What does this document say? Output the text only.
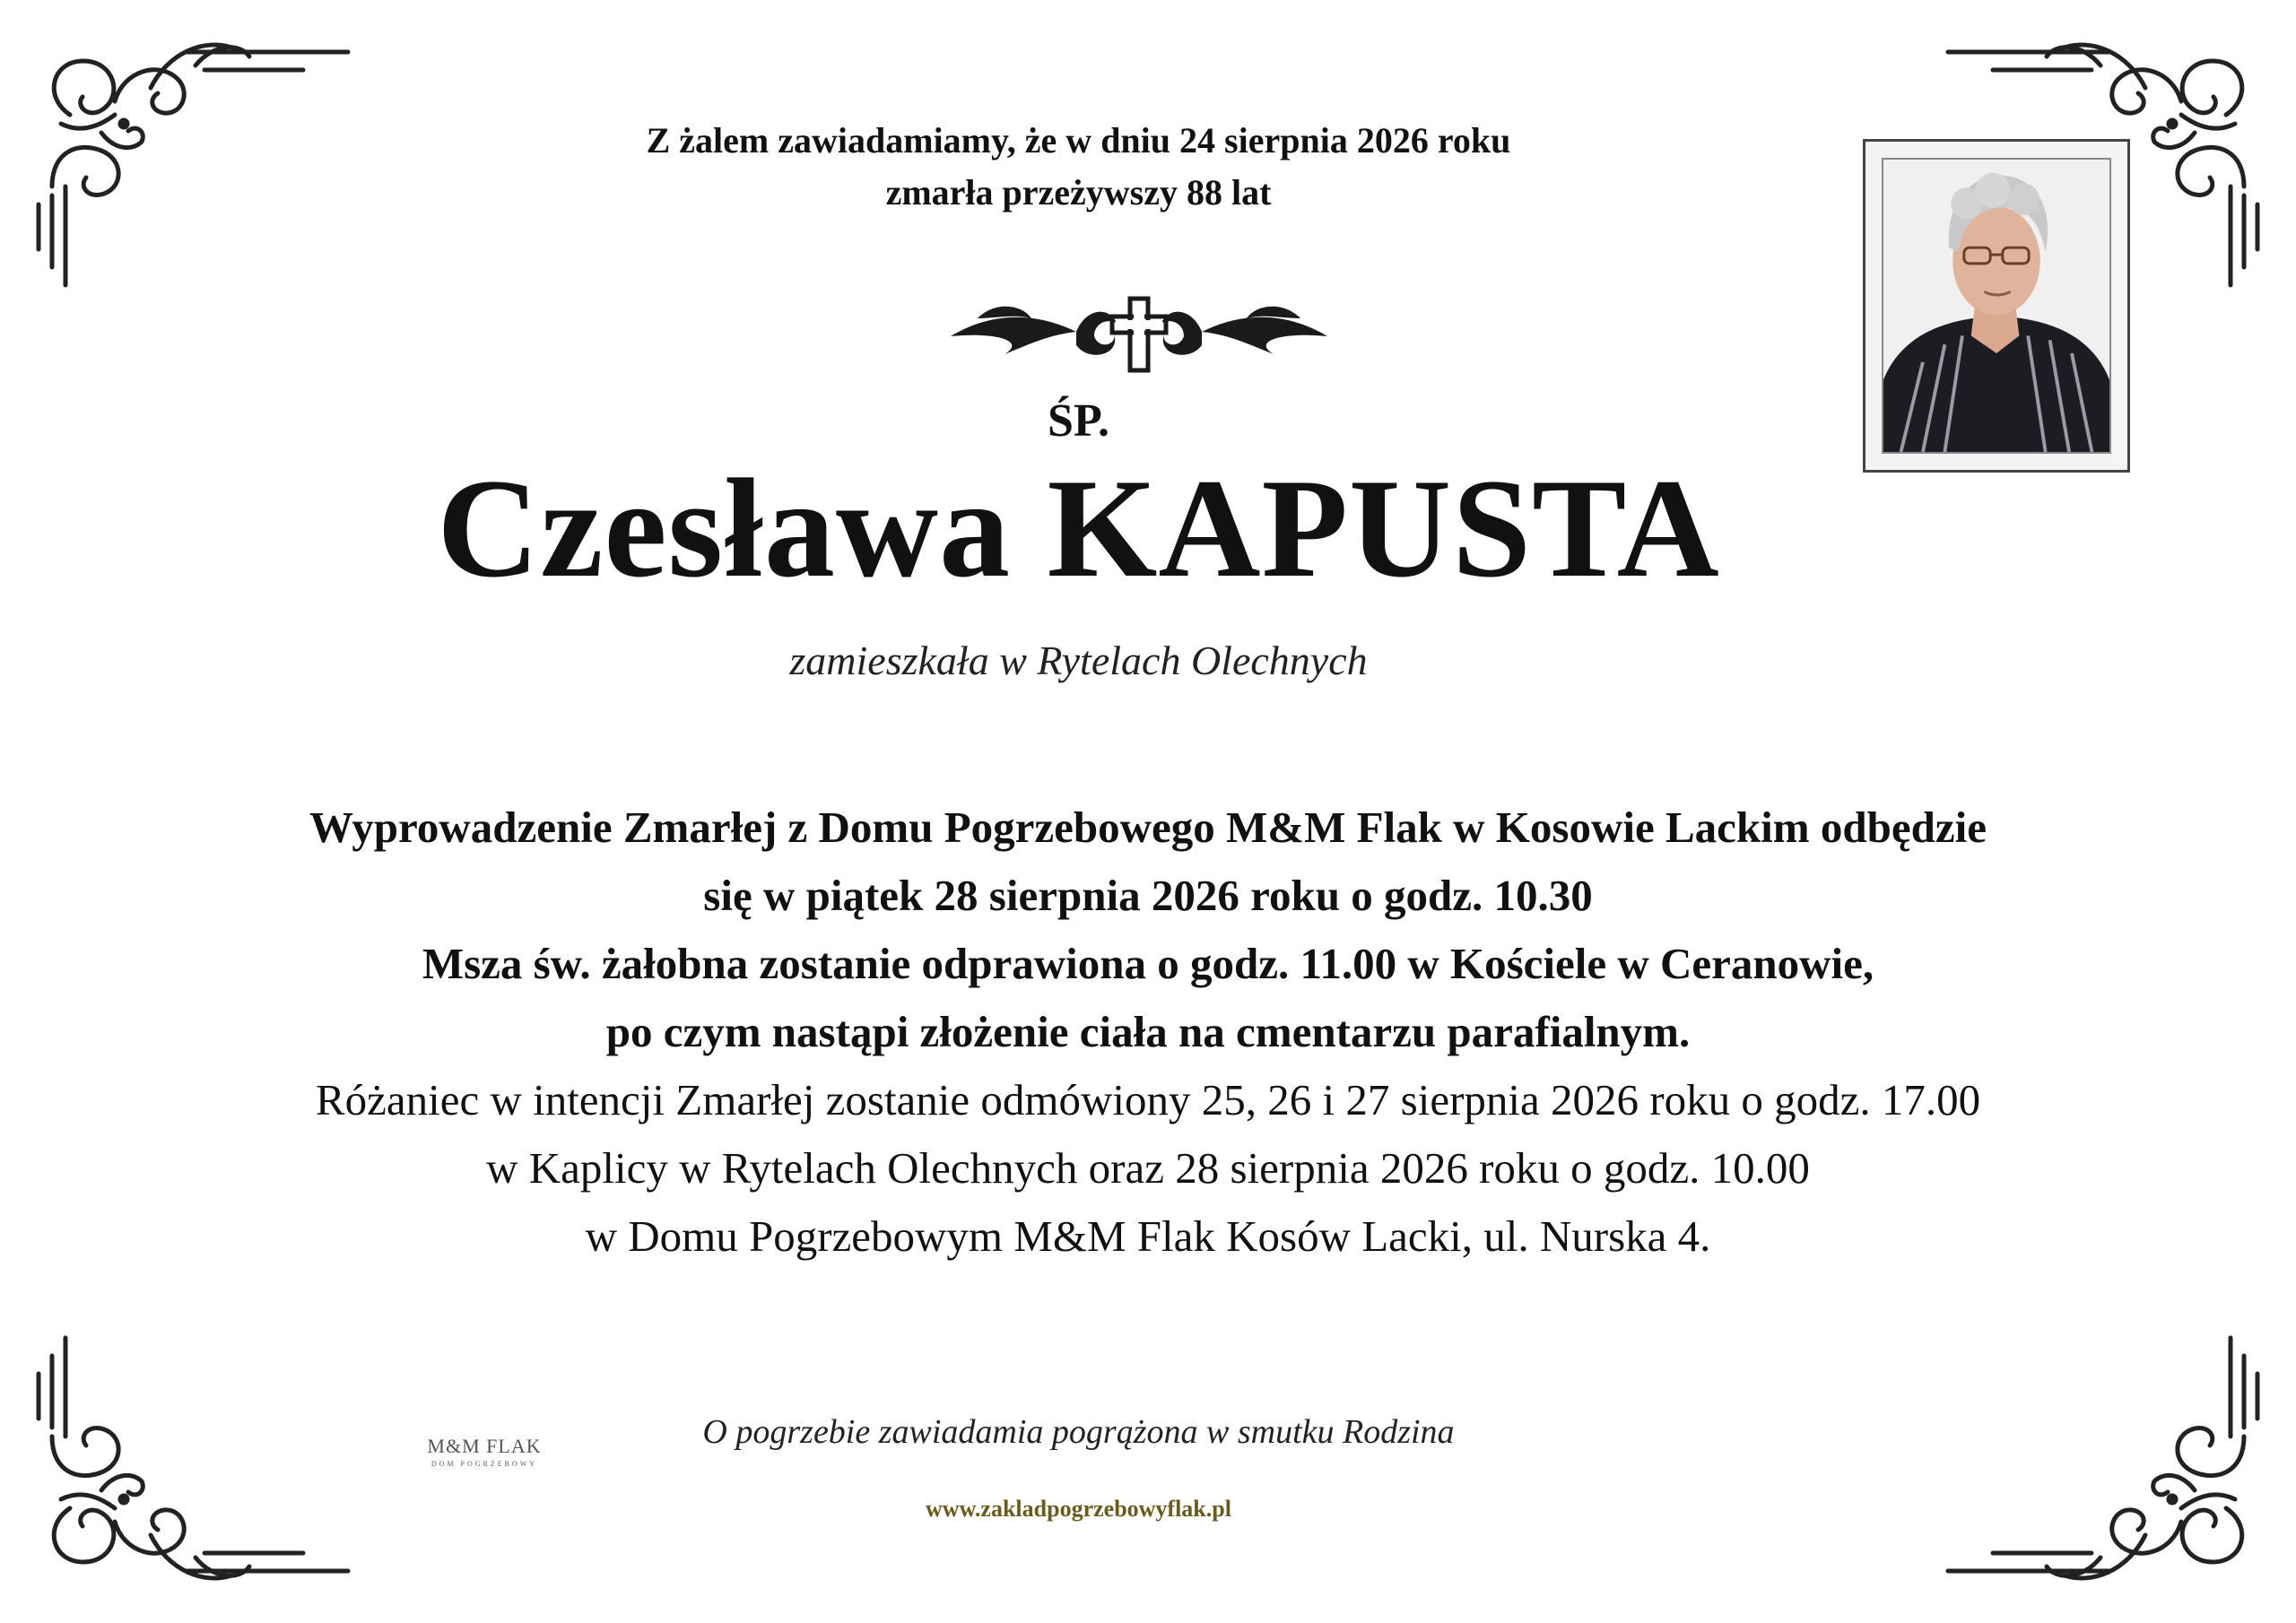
Z żalem zawiadamiamy, że w dniu 24 sierpnia 2026 roku
zmarła przeżywszy 88 lat
ŚP.
Czesława KAPUSTA
zamieszkała w Rytelach Olechnych
Wyprowadzenie Zmarłej z Domu Pogrzebowego M&M Flak w Kosowie Lackim odbędzie
się w piątek 28 sierpnia 2026 roku o godz. 10.30
Msza św. żałobna zostanie odprawiona o godz. 11.00 w Kościele w Ceranowie,
po czym nastąpi złożenie ciała na cmentarzu parafialnym.
Różaniec w intencji Zmarłej zostanie odmówiony 25, 26 i 27 sierpnia 2026 roku o godz. 17.00
w Kaplicy w Rytelach Olechnych oraz 28 sierpnia 2026 roku o godz. 10.00
w Domu Pogrzebowym M&M Flak Kosów Lacki, ul. Nurska 4.
M&M FLAK
DOM POGRZEBOWY
O pogrzebie zawiadamia pogrążona w smutku Rodzina
www.zakladpogrzebowyflak.pl
